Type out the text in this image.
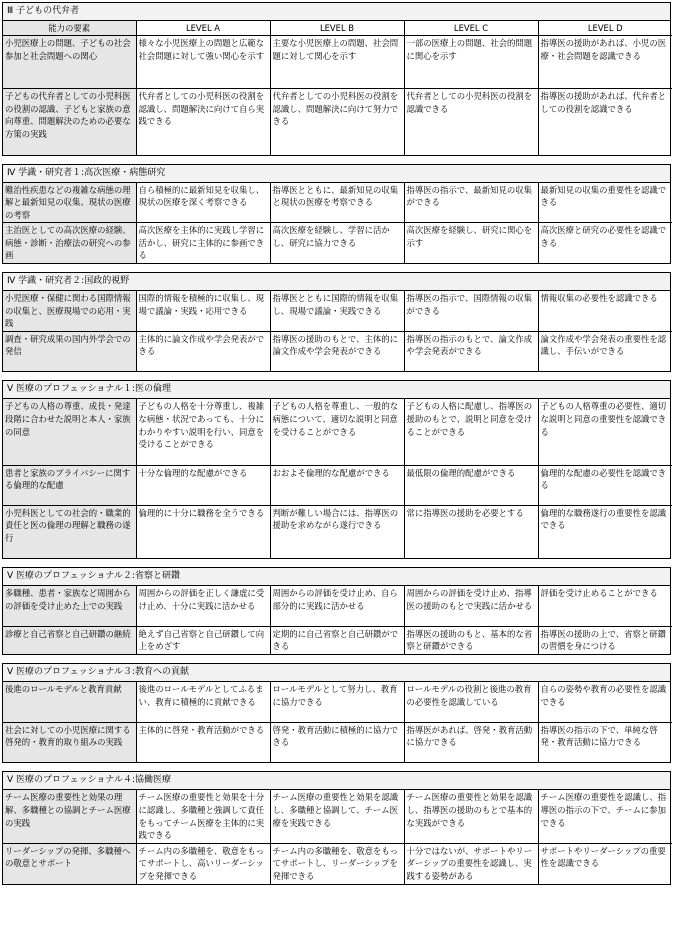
Ⅲ 子どもの代弁者
能力の要素	LEVEL A	LEVEL B	LEVEL C	LEVEL D
小児医療上の問題、子どもの社会参加と社会問題への関心	様々な小児医療上の問題と広範な社会問題に対して強い関心を示す	主要な小児医療上の問題、社会問題に対して関心を示す	一部の医療上の問題、社会的問題に関心を示す	指導医の援助があれば、小児の医療・社会問題を認識できる
子どもの代弁者としての小児科医の役割の認識、子どもと家族の意向尊重、問題解決のための必要な方策の実践	代弁者としての小児科医の役割を認識し、問題解決に向けて自ら実践できる	代弁者としての小児科医の役割を認識し、問題解決に向けて努力できる	代弁者としての小児科医の役割を認識できる	指導医の援助があれば、代弁者としての役割を認識できる
Ⅳ 学識・研究者１:高次医療・病態研究
難治性疾患などの複雑な病態の理解と最新知見の収集、現状の医療の考察	自ら積極的に最新知見を収集し、現状の医療を深く考察できる	指導医とともに、最新知見の収集と現状の医療を考察できる	指導医の指示で、最新知見の収集ができる	最新知見の収集の重要性を認識できる
主治医としての高次医療の経験、病態・診断・治療法の研究への参画	高次医療を主体的に実践し学習に活かし、研究に主体的に参画できる	高次医療を経験し、学習に活かし、研究に協力できる	高次医療を経験し、研究に関心を示す	高次医療と研究の必要性を認識できる
Ⅳ 学識・研究者２:国政的視野
小児医療・保健に関わる国際情報の収集と、医療現場での応用・実践	国際的情報を積極的に収集し、現場で議論・実践・応用できる	指導医とともに国際的情報を収集し、現場で議論・実践できる	指導医の指示で、国際情報の収集ができる	情報収集の必要性を認識できる
調査・研究成果の国内外学会での発信	主体的に論文作成や学会発表ができる	指導医の援助のもとで、主体的に論文作成や学会発表ができる	指導医の指示のもとで、論文作成や学会発表ができる	論文作成や学会発表の重要性を認識し、手伝いができる
Ⅴ 医療のプロフェッショナル１:医の倫理
子どもの人格の尊重、成長・発達段階に合わせた説明と本人・家族の同意	子どもの人格を十分尊重し、複雑な病態・状況であっても、十分にわかりやすい説明を行い、同意を受けることができる	子どもの人格を尊重し、一般的な病態について、適切な説明と同意を受けることができる	子どもの人格に配慮し、指導医の援助のもとで、説明と同意を受けることができる	子どもの人格尊重の必要性、適切な説明と同意の重要性を認識できる
患者と家族のプライバシーに関する倫理的な配慮	十分な倫理的な配慮ができる	おおよそ倫理的な配慮ができる	最低限の倫理的配慮ができる	倫理的な配慮の必要性を認識できる
小児科医としての社会的・職業的責任と医の倫理の理解と職務の遂行	倫理的に十分に職務を全うできる	判断が難しい場合には、指導医の援助を求めながら遂行できる	常に指導医の援助を必要とする	倫理的な職務遂行の重要性を認識できる
Ⅴ 医療のプロフェッショナル２:省察と研鑽
多職種、患者・家族など周囲からの評価を受け止めた上での実践	周囲からの評価を正しく謙虚に受け止め、十分に実践に活かせる	周囲からの評価を受け止め、自ら部分的に実践に活かせる	周囲からの評価を受け止め、指導医の援助のもとで実践に活かせる	評価を受け止めることができる
診療と自己省察と自己研鑽の継続	絶えず自己省察と自己研鑽して向上をめざす	定期的に自己省察と自己研鑽ができる	指導医の援助のもと、基本的な省察と研鑽ができる	指導医の援助の上で、省察と研鑽の習慣を身につける
Ⅴ 医療のプロフェッショナル３:教育への貢献
後進のロールモデルと教育貢献	後進のロールモデルとしてふるまい、教育に積極的に貢献できる	ロールモデルとして努力し、教育に協力できる	ロールモデルの役割と後進の教育の必要性を認識している	自らの姿勢や教育の必要性を認識できる
社会に対しての小児医療に関する啓発的・教育的取り組みの実践	主体的に啓発・教育活動ができる	啓発・教育活動に積極的に協力できる	指導医があれば、啓発・教育活動に協力できる	指導医の指示の下で、単純な啓発・教育活動に協力できる
Ⅴ 医療のプロフェッショナル４:協働医療
チーム医療の重要性と効果の理解、多職種との協調とチーム医療の実践	チーム医療の重要性と効果を十分に認識し、多職種と強調して責任をもってチーム医療を主体的に実践できる	チーム医療の重要性と効果を認識し、多職種と協調して、チーム医療を実践できる	チーム医療の重要性と効果を認識し、指導医の援助のもとで基本的な実践ができる	チーム医療の重要性を認識し、指導医の指示の下で、チームに参加できる
リーダーシップの発揮、多職種への敬意とサポート	チーム内の多職種を、敬意をもってサポートし、高いリーダーシップを発揮できる	チーム内の多職種を、敬意をもってサポートし、リーダーシップを発揮できる	十分ではないが、サポートやリーダーシップの重要性を認識し、実践する姿勢がある	サポートやリーダーシップの重要性を認識できる
